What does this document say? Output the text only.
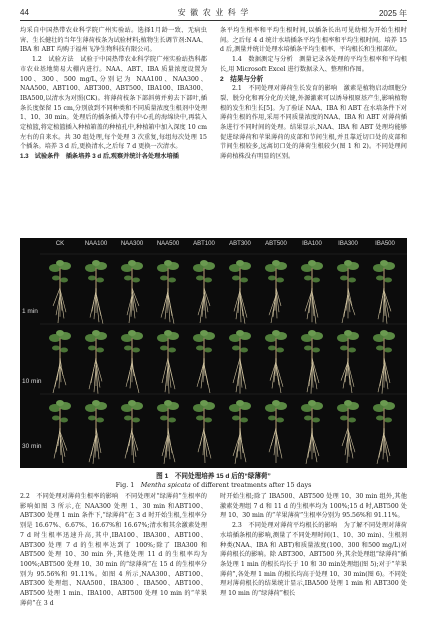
44	安 徽 农 业 科 学	2025 年

均采自中国热带农业科学院广州实验站。选择1月龄一致、无病虫害、生长健壮的当年生薄荷枝条为试验材料;植物生长调节剂:NAA、IBA 和 ABT 均购于福州飞净生物科技有限公司。

1.2　试验方法　试验于中国热带农业科学院广州实验站热科都市农业基地简易大棚内进行。NAA、ABT、IBA 质量浓度设置为 100、300、500 mg/L,分别记为 NAA100、NAA300、NAA500、ABT100、ABT300、ABT500、IBA100、IBA300、IBA500,以清水为对照(CK)。将薄荷枝条下部斜剪并剪去下部叶,插条长度保留 15 cm,分别放到不同种类和不同质量浓度生根剂中处理 1、10、30 min。处理后的插条插入带有中心孔的海绵块中,再装入定植篮,将定植篮插入种植箱盖的种植孔中,种植箱中加入深度 10 cm 左右的自来水。共 30 组处理,每个处理 3 次重复,每组每次处理 15 个插条。培养 3 d 后,更换清水,之后每 7 d 更换一次清水。

1.3　试验条件　插条培养 3 d 后,观察并统计各处理水培插

条平均生根率和平均生根时间,以插条长出可见幼根为开始生根时间。之后每 4 d 统计水培插条平均生根率和平均生根时间。培养 15 d 后,测量并统计处理水培插条平均生根率、平均根长和生根部位。

1.4　数据测定与分析　测量记录各处理的平均生根率和平均根长,用 Microsoft Excel 进行数据录入、整理和作图。

2　结果与分析

2.1　不同处理对薄荷生长发育的影响　激素是植物启动细胞分裂、脱分化和再分化的关键,外源激素可以诱导根原基产生,影响植物根的发生和生长[5]。为了验证 NAA、IBA 和 ABT 在水培条件下对薄荷生根的作用,采用不同质量浓度的NAA、IBA 和 ABT 对薄荷插条进行不同时间的处理。结果显示,NAA、IBA 和 ABT 处理均能够促进绿薄荷和苹果薄荷的皮部和节间生根,并且靠近切口处的皮部和节间生根较多,远离切口处的薄荷生根较少(图 1 和 2)。不同处理间薄荷植株没有明显的区别。

CK	NAA100	NAA300	NAA500	ABT100	ABT300	ABT500	IBA100	IBA300	IBA500
1 min
10 min
30 min
图 1　不同处理培养 15 d 后的“绿薄荷”
Fig. 1　Mentha spicata of different treatments after 15 days

2.2　不同处理对薄荷生根率的影响　不同处理对“绿薄荷”生根率的影响如图 3 所示,在 NAA300 处理 1、30 min 和ABT100、ABT300 处理 1 min 条件下,“绿薄荷”在 3 d 时开始生根,生根率分别是 16.67%、6.67%、16.67%和 16.67%;清水和其余激素处理 7 d 时生根率迅速升高,其中,IBA100、IBA300、ABT100、ABT300 处理 7 d 的生根率达到了 100%;除了 IBA300 和 ABT500 处理 10、30 min 外,其他处理 11 d 的生根率均为 100%;ABT500 处理 10、30 min 的“绿薄荷”在 15 d 的生根率分别为 95.56%和 91.11%。如图 4 所示,NAA300、ABT100、ABT300 处理组、NAA500、IBA300 、IBA500、ABT100、ABT500 处理 1 min、IBA100、ABT500 处理 10 min 的“苹果薄荷”在 3 d

时开始生根;除了 IBA500、ABT500 处理 10、30 min 组外,其他激素处理组 7 d 和 11 d 的生根率均为 100%;15 d 时,ABT500 处理 10、30 min 的“苹果薄荷”生根率分别为 95.56%和 91.11%。

2.3　不同处理对薄荷平均根长的影响　为了解不同处理对薄荷水培插条根的影响,测量了不同处理时间(1、10、30 min)、生根剂种类(NAA、IBA 和 ABT)和质量浓度(100、300 和500 mg/L)对薄荷根长的影响。除 ABT300、ABT500 外,其余处理组“绿薄荷”插条处理 1 min 的根长均长于 10 和 30 min处理组(图 5);对于“苹果薄荷”,各处理 1 min 的根长均高于处理 10、30 min(图 6)。不同处理对薄荷根长的结果统计显示,IBA500 处理 1 min 和 ABT300 处理 10 min 的“绿薄荷”根长
